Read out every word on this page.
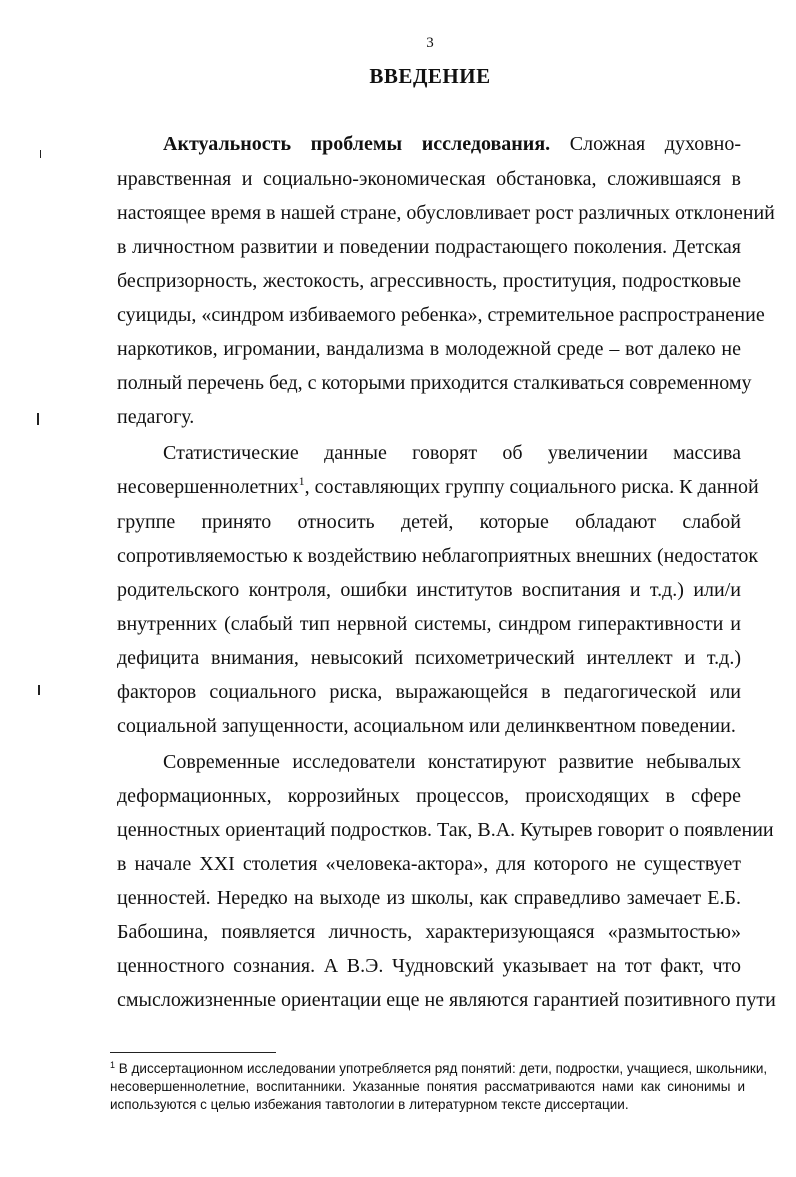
3
ВВЕДЕНИЕ
Актуальность проблемы исследования. Сложная духовно-
нравственная и социально-экономическая обстановка, сложившаяся в
настоящее время в нашей стране, обусловливает рост различных отклонений
в личностном развитии и поведении подрастающего поколения. Детская
беспризорность, жестокость, агрессивность, проституция, подростковые
суициды, «синдром избиваемого ребенка», стремительное распространение
наркотиков, игромании, вандализма в молодежной среде – вот далеко не
полный перечень бед, с которыми приходится сталкиваться современному
педагогу.
Статистические данные говорят об увеличении массива
несовершеннолетних$^1$, составляющих группу социального риска. К данной
группе принято относить детей, которые обладают слабой
сопротивляемостью к воздействию неблагоприятных внешних (недостаток
родительского контроля, ошибки институтов воспитания и т.д.) или/и
внутренних (слабый тип нервной системы, синдром гиперактивности и
дефицита внимания, невысокий психометрический интеллект и т.д.)
факторов социального риска, выражающейся в педагогической или
социальной запущенности, асоциальном или делинквентном поведении.
Современные исследователи констатируют развитие небывалых
деформационных, коррозийных процессов, происходящих в сфере
ценностных ориентаций подростков. Так, В.А. Кутырев говорит о появлении
в начале XXI столетия «человека-актора», для которого не существует
ценностей. Нередко на выходе из школы, как справедливо замечает Е.Б.
Бабошина, появляется личность, характеризующаяся «размытостью»
ценностного сознания. А В.Э. Чудновский указывает на тот факт, что
смысложизненные ориентации еще не являются гарантией позитивного пути
$^1$ В диссертационном исследовании употребляется ряд понятий: дети, подростки, учащиеся, школьники,
несовершеннолетние, воспитанники. Указанные понятия рассматриваются нами как синонимы и
используются с целью избежания тавтологии в литературном тексте диссертации.
